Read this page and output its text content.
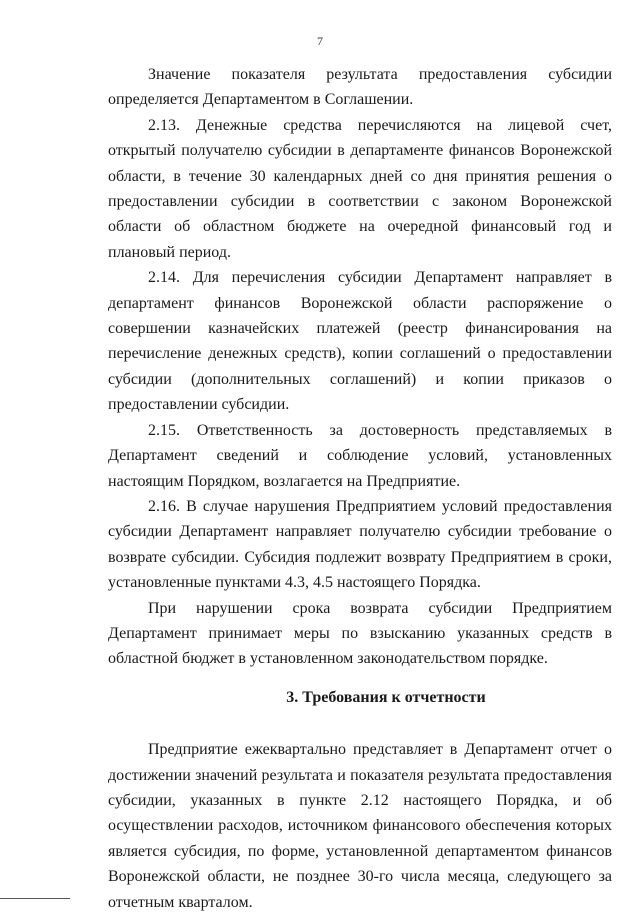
7

Значение показателя результата предоставления субсидии определяется Департаментом в Соглашении.

2.13. Денежные средства перечисляются на лицевой счет, открытый получателю субсидии в департаменте финансов Воронежской области, в течение 30 календарных дней со дня принятия решения о предоставлении субсидии в соответствии с законом Воронежской области об областном бюджете на очередной финансовый год и плановый период.

2.14. Для перечисления субсидии Департамент направляет в департамент финансов Воронежской области распоряжение о совершении казначейских платежей (реестр финансирования на перечисление денежных средств), копии соглашений о предоставлении субсидии (дополнительных соглашений) и копии приказов о предоставлении субсидии.

2.15. Ответственность за достоверность представляемых в Департамент сведений и соблюдение условий, установленных настоящим Порядком, возлагается на Предприятие.

2.16. В случае нарушения Предприятием условий предоставления субсидии Департамент направляет получателю субсидии требование о возврате субсидии. Субсидия подлежит возврату Предприятием в сроки, установленные пунктами 4.3, 4.5 настоящего Порядка.

При нарушении срока возврата субсидии Предприятием Департамент принимает меры по взысканию указанных средств в областной бюджет в установленном законодательством порядке.

3. Требования к отчетности

Предприятие ежеквартально представляет в Департамент отчет о достижении значений результата и показателя результата предоставления субсидии, указанных в пункте 2.12 настоящего Порядка, и об осуществлении расходов, источником финансового обеспечения которых является субсидия, по форме, установленной департаментом финансов Воронежской области, не позднее 30-го числа месяца, следующего за отчетным кварталом.
